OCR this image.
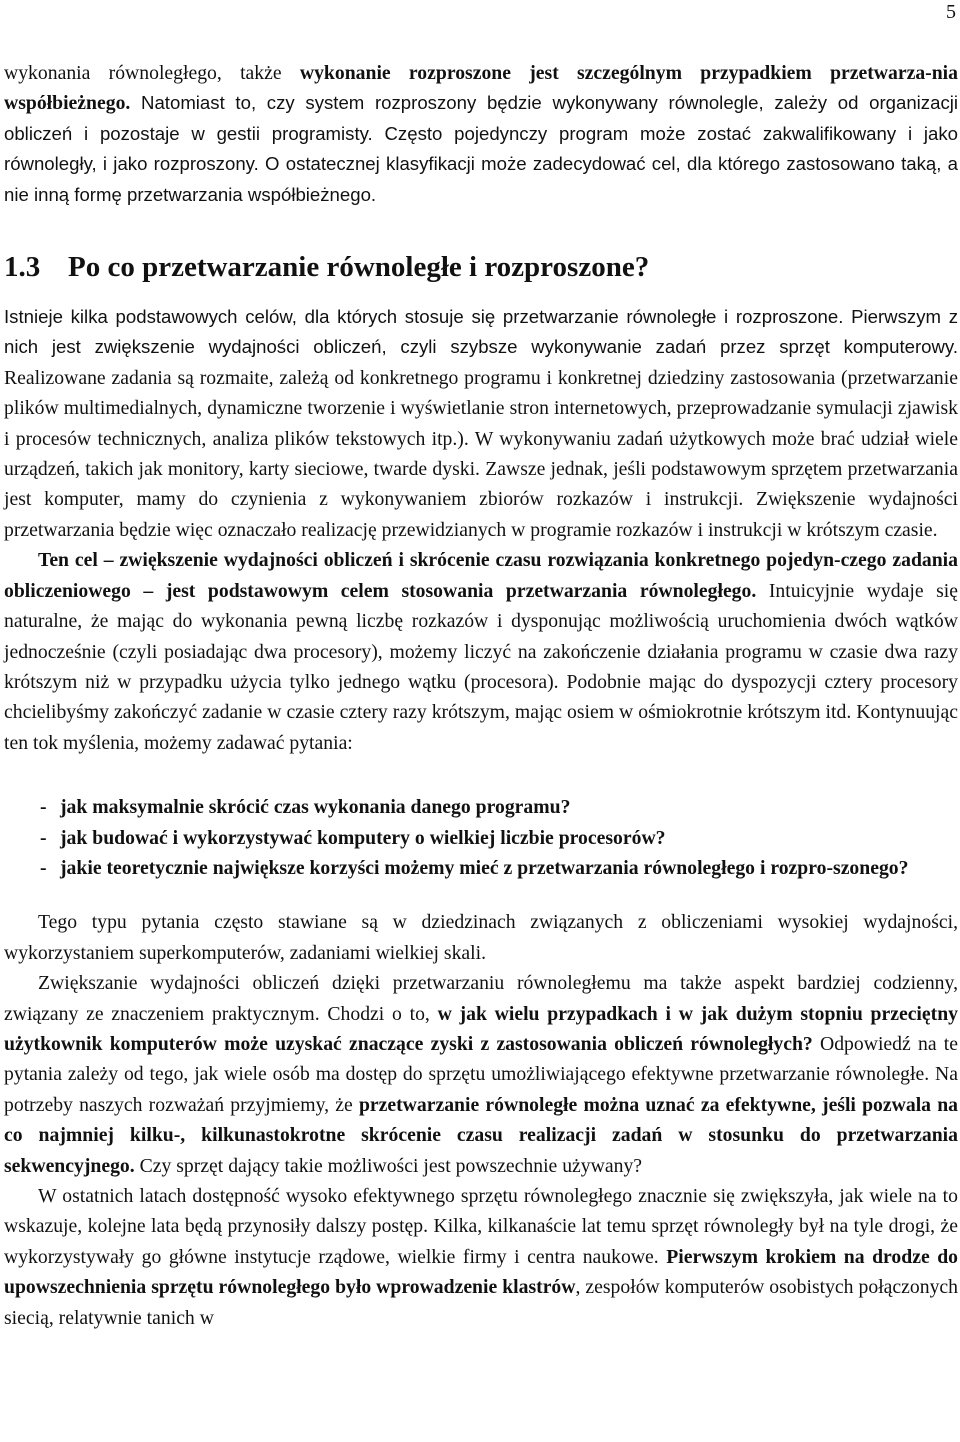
5

wykonania równoległego, także wykonanie rozproszone jest szczególnym przypadkiem przetwarza-nia współbieżnego. Natomiast to, czy system rozproszony będzie wykonywany równolegle, zależy od organizacji obliczeń i pozostaje w gestii programisty. Często pojedynczy program może zostać zakwalifikowany i jako równoległy, i jako rozproszony. O ostatecznej klasyfikacji może zadecydować cel, dla którego zastosowano taką, a nie inną formę przetwarzania współbieżnego.

1.3 Po co przetwarzanie równoległe i rozproszone?

Istnieje kilka podstawowych celów, dla których stosuje się przetwarzanie równoległe i rozproszone. Pierwszym z nich jest zwiększenie wydajności obliczeń, czyli szybsze wykonywanie zadań przez sprzęt komputerowy. Realizowane zadania są rozmaite, zależą od konkretnego programu i konkretnej dziedziny zastosowania (przetwarzanie plików multimedialnych, dynamiczne tworzenie i wyświetlanie stron internetowych, przeprowadzanie symulacji zjawisk i procesów technicznych, analiza plików tekstowych itp.). W wykonywaniu zadań użytkowych może brać udział wiele urządzeń, takich jak monitory, karty sieciowe, twarde dyski. Zawsze jednak, jeśli podstawowym sprzętem przetwarzania jest komputer, mamy do czynienia z wykonywaniem zbiorów rozkazów i instrukcji. Zwiększenie wydajności przetwarzania będzie więc oznaczało realizację przewidzianych w programie rozkazów i instrukcji w krótszym czasie.

Ten cel – zwiększenie wydajności obliczeń i skrócenie czasu rozwiązania konkretnego pojedyn-czego zadania obliczeniowego – jest podstawowym celem stosowania przetwarzania równoległego. Intuicyjnie wydaje się naturalne, że mając do wykonania pewną liczbę rozkazów i dysponując możliwością uruchomienia dwóch wątków jednocześnie (czyli posiadając dwa procesory), możemy liczyć na zakończenie działania programu w czasie dwa razy krótszym niż w przypadku użycia tylko jednego wątku (procesora). Podobnie mając do dyspozycji cztery procesory chcielibyśmy zakończyć zadanie w czasie cztery razy krótszym, mając osiem w ośmiokrotnie krótszym itd. Kontynuując ten tok myślenia, możemy zadawać pytania:

- jak maksymalnie skrócić czas wykonania danego programu?
- jak budować i wykorzystywać komputery o wielkiej liczbie procesorów?
- jakie teoretycznie największe korzyści możemy mieć z przetwarzania równoległego i rozpro-szonego?

Tego typu pytania często stawiane są w dziedzinach związanych z obliczeniami wysokiej wydajności, wykorzystaniem superkomputerów, zadaniami wielkiej skali.

Zwiększanie wydajności obliczeń dzięki przetwarzaniu równoległemu ma także aspekt bardziej codzienny, związany ze znaczeniem praktycznym. Chodzi o to, w jak wielu przypadkach i w jak dużym stopniu przeciętny użytkownik komputerów może uzyskać znaczące zyski z zastosowania obliczeń równoległych? Odpowiedź na te pytania zależy od tego, jak wiele osób ma dostęp do sprzętu umożliwiającego efektywne przetwarzanie równoległe. Na potrzeby naszych rozważań przyjmiemy, że przetwarzanie równoległe można uznać za efektywne, jeśli pozwala na co najmniej kilku-, kilkunastokrotne skrócenie czasu realizacji zadań w stosunku do przetwarzania sekwencyjnego. Czy sprzęt dający takie możliwości jest powszechnie używany?

W ostatnich latach dostępność wysoko efektywnego sprzętu równoległego znacznie się zwiększyła, jak wiele na to wskazuje, kolejne lata będą przynosiły dalszy postęp. Kilka, kilkanaście lat temu sprzęt równoległy był na tyle drogi, że wykorzystywały go główne instytucje rządowe, wielkie firmy i centra naukowe. Pierwszym krokiem na drodze do upowszechnienia sprzętu równoległego było wprowadzenie klastrów, zespołów komputerów osobistych połączonych siecią, relatywnie tanich w
